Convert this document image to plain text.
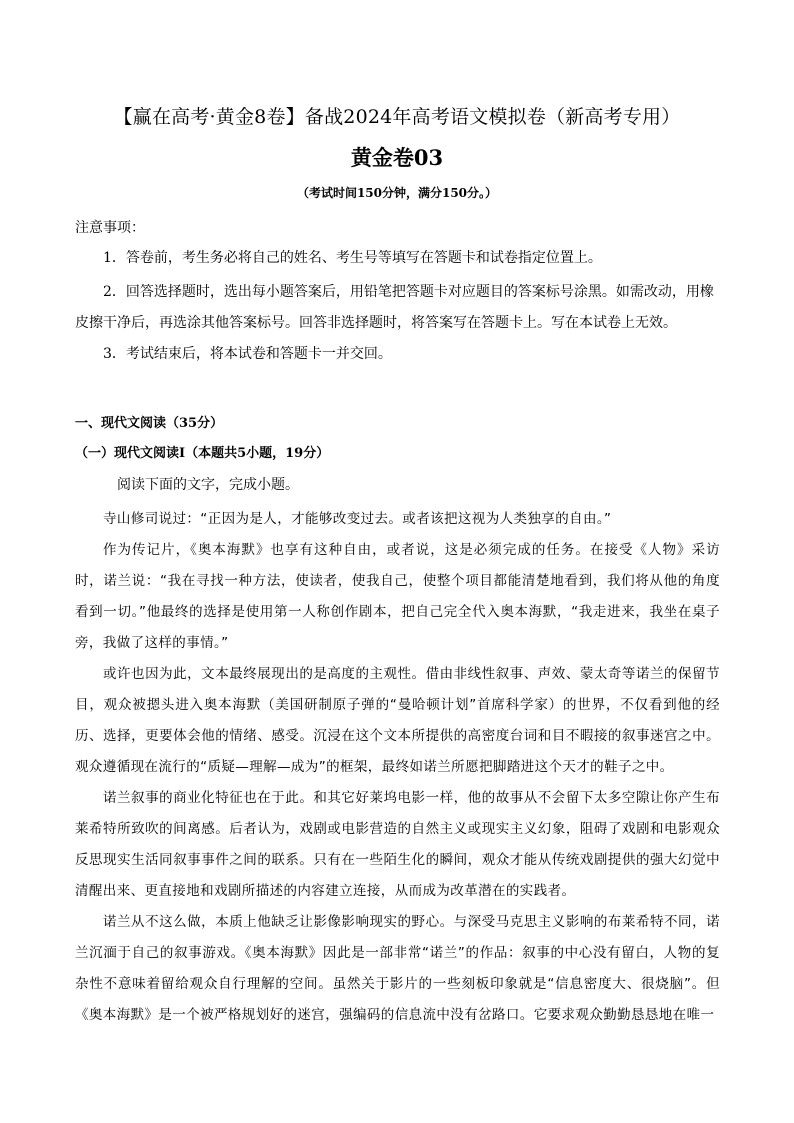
【赢在高考·黄金8卷】备战2024年高考语文模拟卷（新高考专用）
黄金卷03
（考试时间150分钟，满分150分。）
注意事项：
1．答卷前，考生务必将自己的姓名、考生号等填写在答题卡和试卷指定位置上。
2．回答选择题时，选出每小题答案后，用铅笔把答题卡对应题目的答案标号涂黑。如需改动，用橡皮擦干净后，再选涂其他答案标号。回答非选择题时，将答案写在答题卡上。写在本试卷上无效。
3．考试结束后，将本试卷和答题卡一并交回。
一、现代文阅读（35分）
（一）现代文阅读Ⅰ（本题共5小题，19分）
阅读下面的文字，完成小题。

寺山修司说过：“正因为是人，才能够改变过去。或者该把这视为人类独享的自由。”

作为传记片，《奥本海默》也享有这种自由，或者说，这是必须完成的任务。在接受《人物》采访时，诺兰说：“我在寻找一种方法，使读者，使我自己，使整个项目都能清楚地看到，我们将从他的角度看到一切。”他最终的选择是使用第一人称创作剧本，把自己完全代入奥本海默，“我走进来，我坐在桌子旁，我做了这样的事情。”

或许也因为此，文本最终展现出的是高度的主观性。借由非线性叙事、声效、蒙太奇等诺兰的保留节目，观众被摁头进入奥本海默（美国研制原子弹的“曼哈顿计划”首席科学家）的世界，不仅看到他的经历、选择，更要体会他的情绪、感受。沉浸在这个文本所提供的高密度台词和目不暇接的叙事迷宫之中。观众遵循现在流行的“质疑—理解—成为”的框架，最终如诺兰所愿把脚踏进这个天才的鞋子之中。

诺兰叙事的商业化特征也在于此。和其它好莱坞电影一样，他的故事从不会留下太多空隙让你产生布莱希特所致吹的间离感。后者认为，戏剧或电影营造的自然主义或现实主义幻象，阻碍了戏剧和电影观众反思现实生活同叙事事件之间的联系。只有在一些陌生化的瞬间，观众才能从传统戏剧提供的强大幻觉中清醒出来、更直接地和戏剧所描述的内容建立连接，从而成为改革潜在的实践者。

诺兰从不这么做，本质上他缺乏让影像影响现实的野心。与深受马克思主义影响的布莱希特不同，诺兰沉湎于自己的叙事游戏。《奥本海默》因此是一部非常“诺兰”的作品：叙事的中心没有留白，人物的复杂性不意味着留给观众自行理解的空间。虽然关于影片的一些刻板印象就是“信息密度大、很烧脑”。但《奥本海默》是一个被严格规划好的迷宫，强编码的信息流中没有岔路口。它要求观众勤勤恳恳地在唯一
